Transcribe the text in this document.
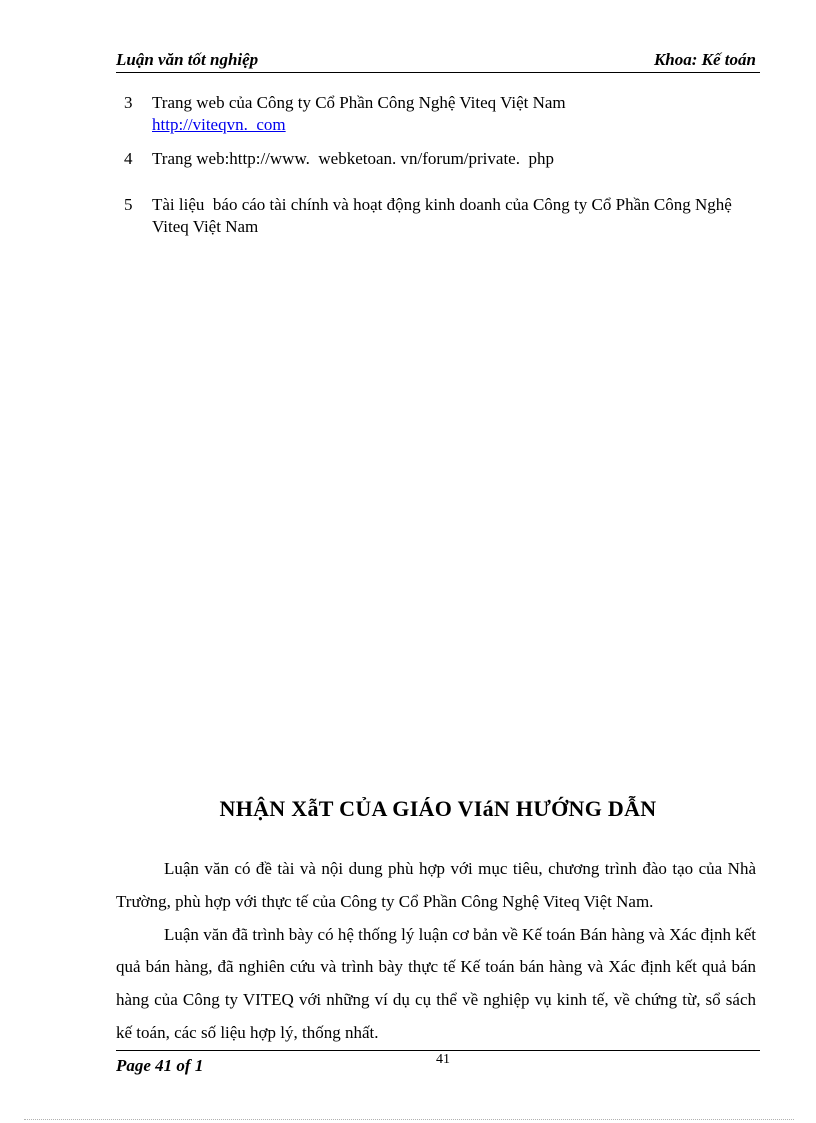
Luận văn tốt nghiệp	Khoa: Kế toán
3 Trang web của Công ty Cổ Phần Công Nghệ Viteq Việt Nam
http://viteqvn.  com
4 Trang web:http://www.  webketoan. vn/forum/private.  php
5 Tài liệu  báo cáo tài chính và hoạt động kinh doanh của Công ty Cổ Phần Công Nghệ Viteq Việt Nam
NHẬN XẫT CỦA GIÁO VIáN HƯỚNG DẪN

Luận văn có đề tài và nội dung phù hợp với mục tiêu, chương trình đào tạo của Nhà Trường, phù hợp với thực tế của Công ty Cổ Phần Công Nghệ Viteq Việt Nam.

Luận văn đã trình bày có hệ thống lý luận cơ bản về Kế toán Bán hàng và Xác định kết quả bán hàng, đã nghiên cứu và trình bày thực tế Kế toán bán hàng và Xác định kết quả bán hàng của Công ty VITEQ với những ví dụ cụ thể về nghiệp vụ kinh tế, về chứng từ, sổ sách kế toán, các số liệu hợp lý, thống nhất.

Page 41 of 1	41
